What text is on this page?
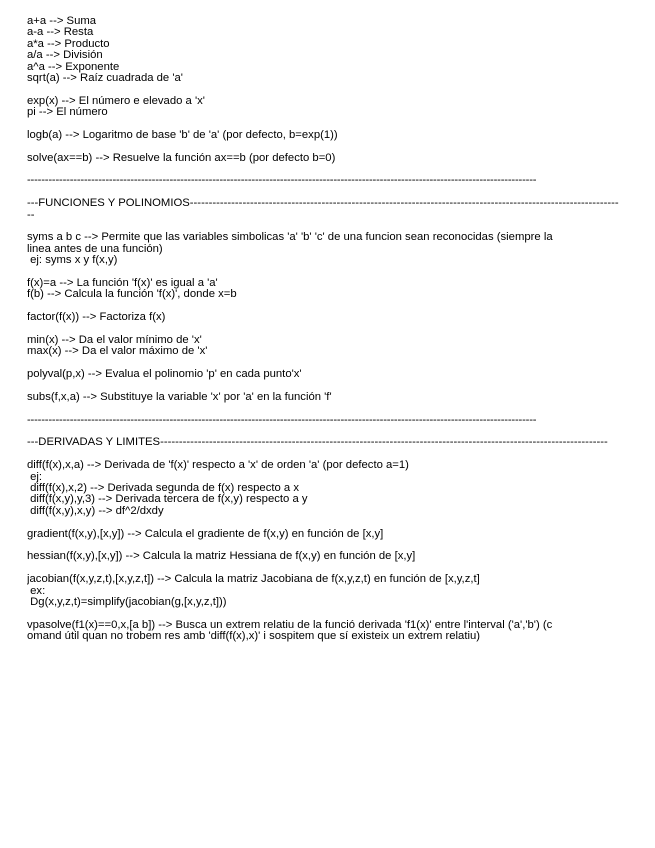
a+a --> Suma
a-a --> Resta
a*a --> Producto
a/a --> División
a^a --> Exponente
sqrt(a) --> Raíz cuadrada de 'a'
exp(x) --> El número e elevado a 'x'
pi --> El número
logb(a) --> Logaritmo de base 'b' de 'a' (por defecto, b=exp(1))
solve(ax==b) --> Resuelve la función ax==b (por defecto b=0)
-----------------------------------------------------------------------------------------------------------------------------------------------
---FUNCIONES Y POLINOMIOS------------------------------------------------------------------------------------------------------------------
--
syms a b c --> Permite que las variables simbolicas 'a' 'b' 'c' de una funcion sean reconocidas (siempre la
linea antes de una función)
ej: syms x y f(x,y)
f(x)=a --> La función 'f(x)' es igual a 'a'
f(b) --> Calcula la función 'f(x)', donde x=b
factor(f(x)) --> Factoriza f(x)
min(x) --> Da el valor mínimo de 'x'
max(x) --> Da el valor máximo de 'x'
polyval(p,x) --> Evalua el polinomio 'p' en cada punto'x'
subs(f,x,a) --> Substituye la variable 'x' por 'a' en la función 'f'
-----------------------------------------------------------------------------------------------------------------------------------------------
---DERIVADAS Y LÍMITES-----------------------------------------------------------------------------------------------------------------------
diff(f(x),x,a) --> Derivada de 'f(x)' respecto a 'x' de orden 'a' (por defecto a=1)
ej:
diff(f(x),x,2) --> Derivada segunda de f(x) respecto a x
diff(f(x,y),y,3) --> Derivada tercera de f(x,y) respecto a y
diff(f(x,y),x,y) --> df^2/dxdy
gradient(f(x,y),[x,y]) --> Calcula el gradiente de f(x,y) en función de [x,y]
hessian(f(x,y),[x,y]) --> Calcula la matriz Hessiana de f(x,y) en función de [x,y]
jacobian(f(x,y,z,t),[x,y,z,t]) --> Calcula la matriz Jacobiana de f(x,y,z,t) en función de [x,y,z,t]
ex:
Dg(x,y,z,t)=simplify(jacobian(g,[x,y,z,t]))
vpasolve(f1(x)==0,x,[a b]) --> Busca un extrem relatiu de la funció derivada 'f1(x)' entre l'interval ('a','b') (c
omand útil quan no trobem res amb 'diff(f(x),x)' i sospitem que sí existeix un extrem relatiu)
